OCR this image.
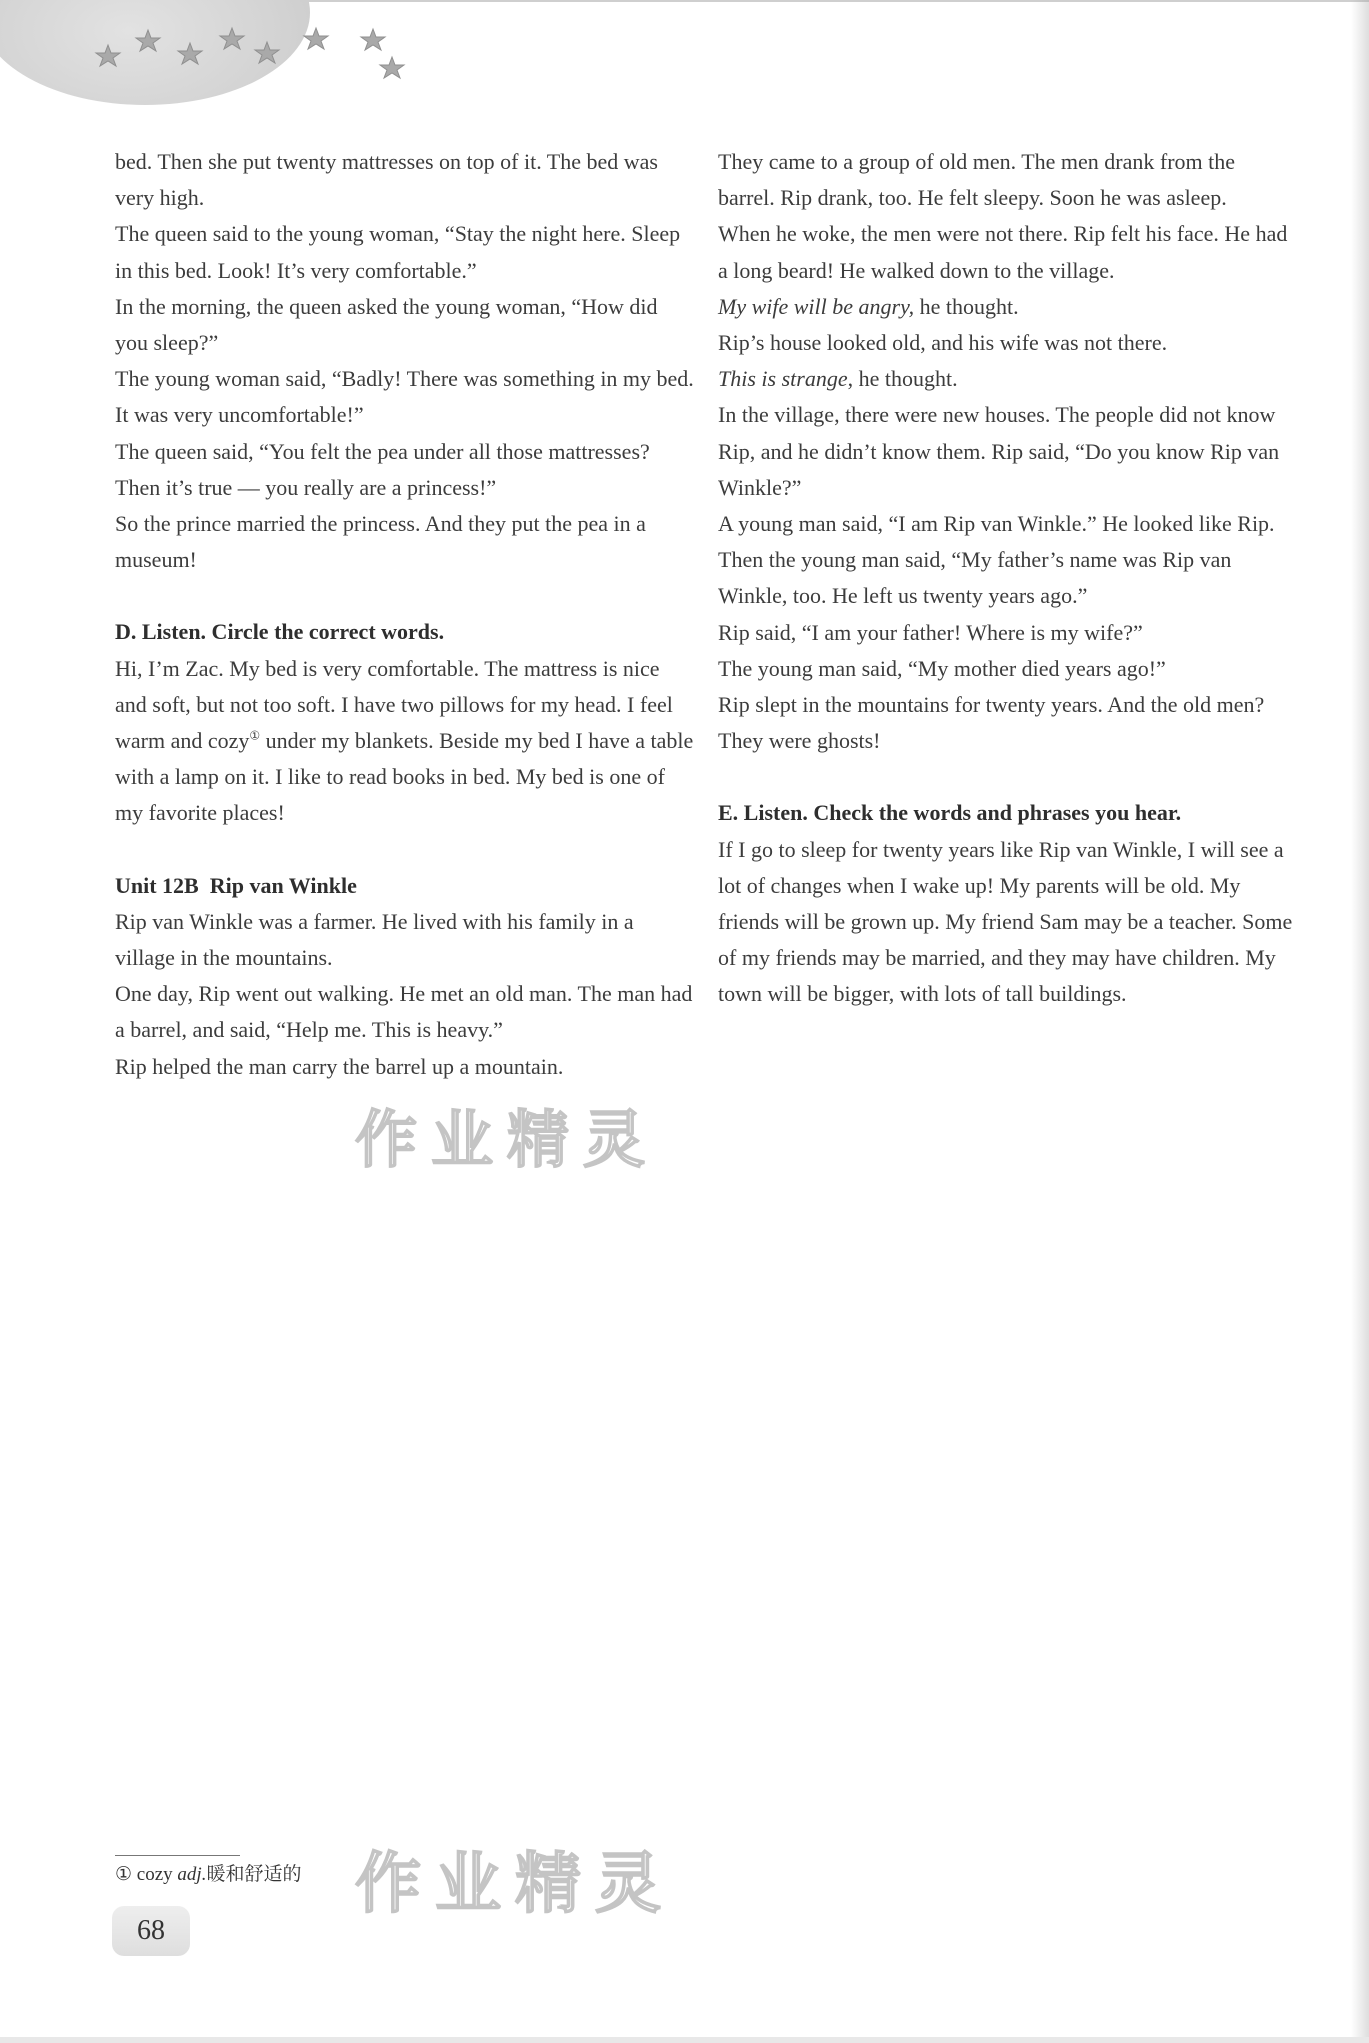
bed. Then she put twenty mattresses on top of it. The bed was very high.

The queen said to the young woman, “Stay the night here. Sleep in this bed. Look! It’s very comfortable.”

In the morning, the queen asked the young woman, “How did you sleep?”

The young woman said, “Badly! There was something in my bed. It was very uncomfortable!”

The queen said, “You felt the pea under all those mattresses? Then it’s true — you really are a princess!”

So the prince married the princess. And they put the pea in a museum!

D. Listen. Circle the correct words.

Hi, I’m Zac. My bed is very comfortable. The mattress is nice and soft, but not too soft. I have two pillows for my head. I feel warm and cozy① under my blankets. Beside my bed I have a table with a lamp on it. I like to read books in bed. My bed is one of my favorite places!

Unit 12B  Rip van Winkle

Rip van Winkle was a farmer. He lived with his family in a village in the mountains.

One day, Rip went out walking. He met an old man. The man had a barrel, and said, “Help me. This is heavy.”

Rip helped the man carry the barrel up a mountain.

They came to a group of old men. The men drank from the barrel. Rip drank, too. He felt sleepy. Soon he was asleep.

When he woke, the men were not there. Rip felt his face. He had a long beard! He walked down to the village.

My wife will be angry, he thought.

Rip’s house looked old, and his wife was not there.

This is strange, he thought.

In the village, there were new houses. The people did not know Rip, and he didn’t know them. Rip said, “Do you know Rip van Winkle?”

A young man said, “I am Rip van Winkle.” He looked like Rip.

Then the young man said, “My father’s name was Rip van Winkle, too. He left us twenty years ago.”

Rip said, “I am your father! Where is my wife?”

The young man said, “My mother died years ago!”

Rip slept in the mountains for twenty years. And the old men? They were ghosts!

E. Listen. Check the words and phrases you hear.

If I go to sleep for twenty years like Rip van Winkle, I will see a lot of changes when I wake up! My parents will be old. My friends will be grown up. My friend Sam may be a teacher. Some of my friends may be married, and they may have children. My town will be bigger, with lots of tall buildings.

作业精灵
作业精灵
① cozy adj.暖和舒适的
68
